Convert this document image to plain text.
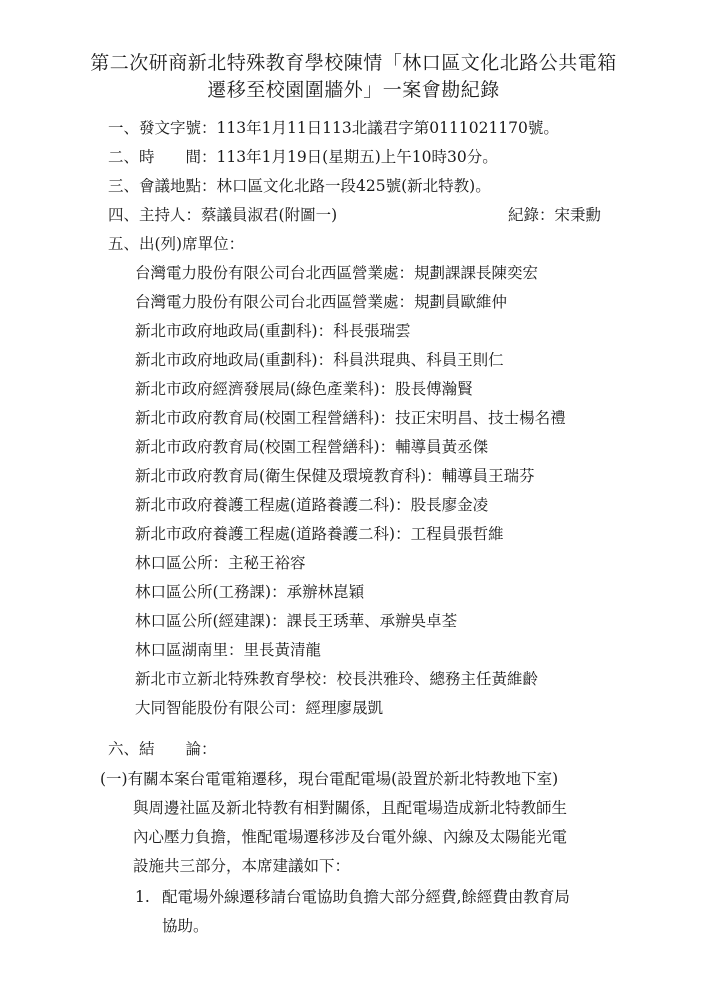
第二次研商新北特殊教育學校陳情「林口區文化北路公共電箱
遷移至校園圍牆外」一案會勘紀錄
一、發文字號：113年1月11日113北議君字第0111021170號。
二、時　　間：113年1月19日(星期五)上午10時30分。
三、會議地點：林口區文化北路一段425號(新北特教)。
四、主持人：蔡議員淑君(附圖一)	紀錄：宋秉勳
五、出(列)席單位：
台灣電力股份有限公司台北西區營業處：規劃課課長陳奕宏
台灣電力股份有限公司台北西區營業處：規劃員歐維仲
新北市政府地政局(重劃科)：科長張瑞雲
新北市政府地政局(重劃科)：科員洪琨典、科員王則仁
新北市政府經濟發展局(綠色產業科)：股長傅瀚賢
新北市政府教育局(校園工程營繕科)：技正宋明昌、技士楊名禮
新北市政府教育局(校園工程營繕科)：輔導員黃丞傑
新北市政府教育局(衛生保健及環境教育科)：輔導員王瑞芬
新北市政府養護工程處(道路養護二科)：股長廖金凌
新北市政府養護工程處(道路養護二科)：工程員張哲維
林口區公所：主秘王裕容
林口區公所(工務課)：承辦林崑穎
林口區公所(經建課)：課長王琇華、承辦吳卓荃
林口區湖南里：里長黃清龍
新北市立新北特殊教育學校：校長洪雅玲、總務主任黃維齡
大同智能股份有限公司：經理廖晟凱
六、結　　論：
(一)有關本案台電電箱遷移，現台電配電場(設置於新北特教地下室)
與周邊社區及新北特教有相對關係，且配電場造成新北特教師生
內心壓力負擔，惟配電場遷移涉及台電外線、內線及太陽能光電
設施共三部分，本席建議如下：
1. 配電場外線遷移請台電協助負擔大部分經費,餘經費由教育局
協助。
